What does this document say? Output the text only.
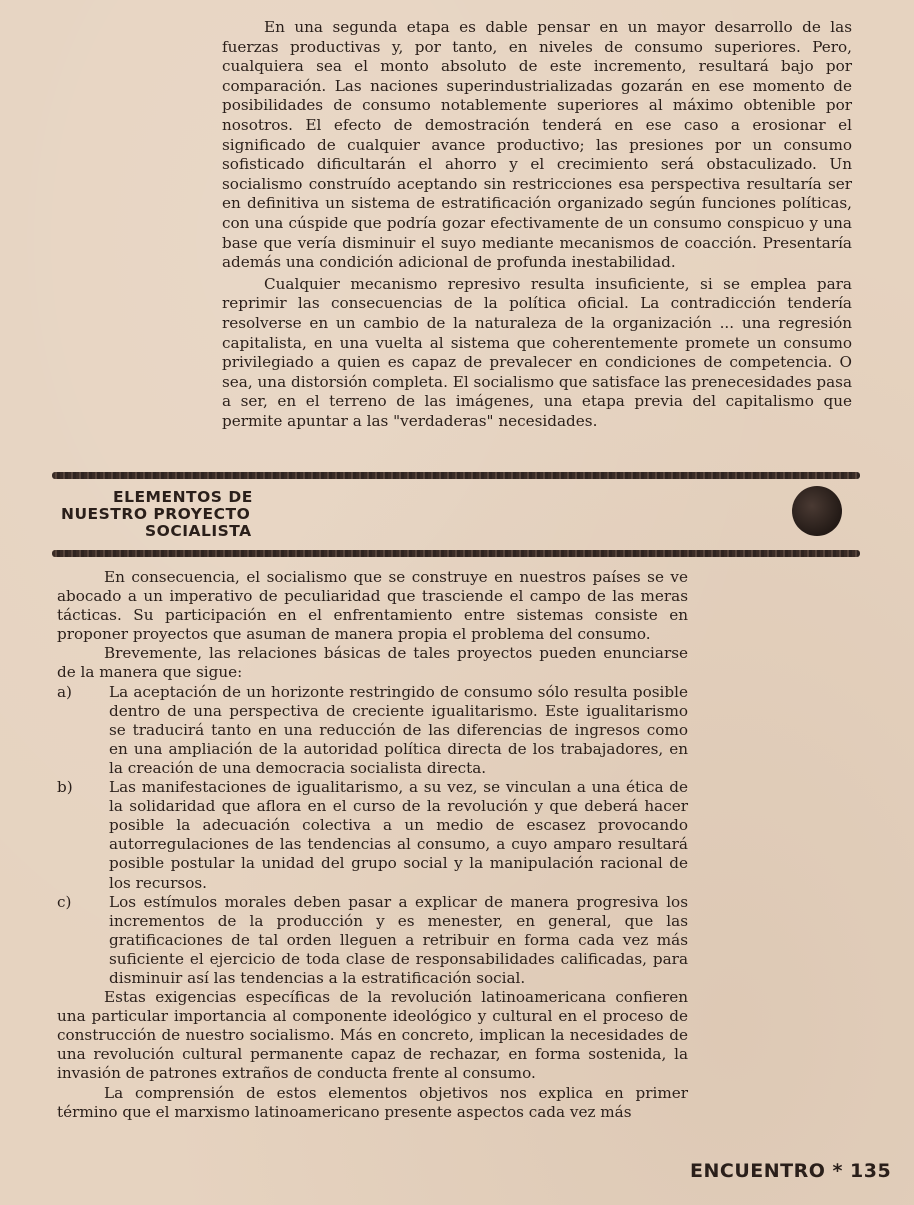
En una segunda etapa es dable pensar en un mayor desarrollo de las fuerzas productivas y, por tanto, en niveles de consumo superiores. Pero, cualquiera sea el monto absoluto de este incremento, resultará bajo por comparación. Las naciones superindustrializadas gozarán en ese momento de posibilidades de consumo notablemente superiores al máximo obtenible por nosotros. El efecto de demostración tenderá en ese caso a erosionar el significado de cualquier avance productivo; las presiones por un consumo sofisticado dificultarán el ahorro y el crecimiento será obstaculizado. Un socialismo construído aceptando sin restricciones esa perspectiva resultaría ser en definitiva un sistema de estratificación organizado según funciones políticas, con una cúspide que podría gozar efectivamente de un consumo conspicuo y una base que vería disminuir el suyo mediante mecanismos de coacción. Presentaría además una condición adicional de profunda inestabilidad.

Cualquier mecanismo represivo resulta insuficiente, si se emplea para reprimir las consecuencias de la política oficial. La contradicción tendería resolverse en un cambio de la naturaleza de la organización ... una regresión capitalista, en una vuelta al sistema que coherentemente promete un consumo privilegiado a quien es capaz de prevalecer en condiciones de competencia. O sea, una distorsión completa. El socialismo que satisface las prenecesidades pasa a ser, en el terreno de las imágenes, una etapa previa del capitalismo que permite apuntar a las "verdaderas" necesidades.

ELEMENTOS DE
NUESTRO PROYECTO
SOCIALISTA

En consecuencia, el socialismo que se construye en nuestros países se ve abocado a un imperativo de peculiaridad que trasciende el campo de las meras tácticas. Su participación en el enfrentamiento entre sistemas consiste en proponer proyectos que asuman de manera propia el problema del consumo.

Brevemente, las relaciones básicas de tales proyectos pueden enunciarse de la manera que sigue:

a)	La aceptación de un horizonte restringido de consumo sólo resulta posible dentro de una perspectiva de creciente igualitarismo. Este igualitarismo se traducirá tanto en una reducción de las diferencias de ingresos como en una ampliación de la autoridad política directa de los trabajadores, en la creación de una democracia socialista directa.
b)	Las manifestaciones de igualitarismo, a su vez, se vinculan a una ética de la solidaridad que aflora en el curso de la revolución y que deberá hacer posible la adecuación colectiva a un medio de escasez provocando autorregulaciones de las tendencias al consumo, a cuyo amparo resultará posible postular la unidad del grupo social y la manipulación racional de los recursos.
c)	Los estímulos morales deben pasar a explicar de manera progresiva los incrementos de la producción y es menester, en general, que las gratificaciones de tal orden lleguen a retribuir en forma cada vez más suficiente el ejercicio de toda clase de responsabilidades calificadas, para disminuir así las tendencias a la estratificación social.

Estas exigencias específicas de la revolución latinoamericana confieren una particular importancia al componente ideológico y cultural en el proceso de construcción de nuestro socialismo. Más en concreto, implican la necesidades de una revolución cultural permanente capaz de rechazar, en forma sostenida, la invasión de patrones extraños de conducta frente al consumo.

La comprensión de estos elementos objetivos nos explica en primer término que el marxismo latinoamericano presente aspectos cada vez más

ENCUENTRO * 135
